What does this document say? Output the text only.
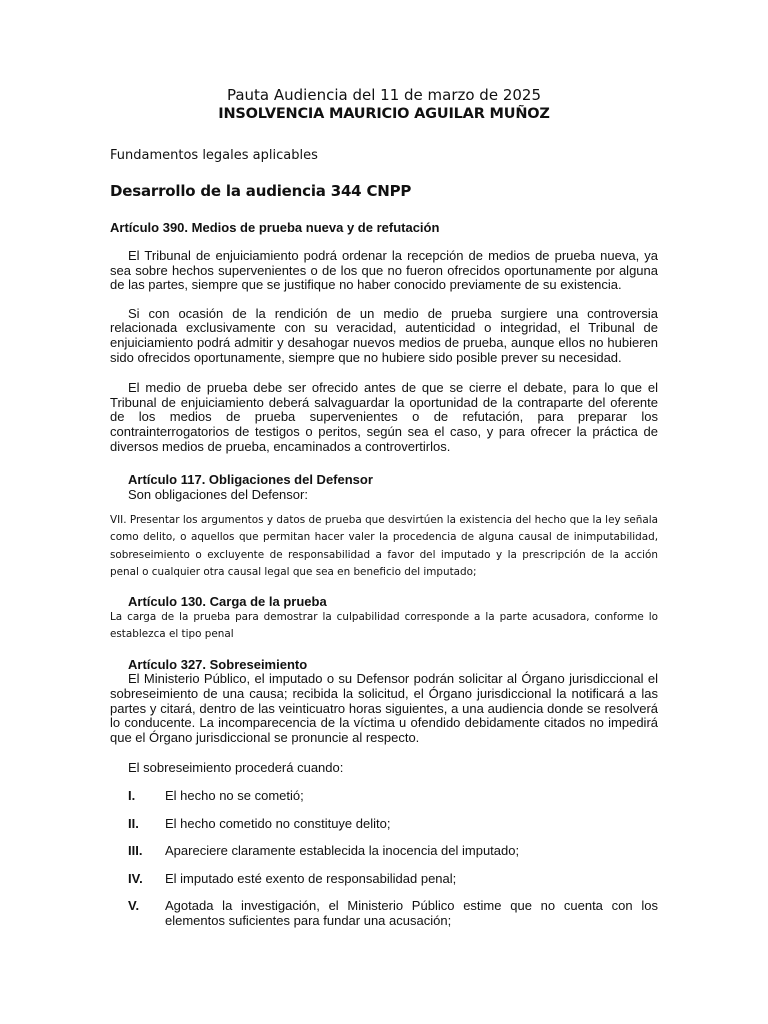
Pauta Audiencia del 11 de marzo de 2025
INSOLVENCIA MAURICIO AGUILAR MUÑOZ
Fundamentos legales aplicables
Desarrollo de la audiencia 344 CNPP
Artículo 390. Medios de prueba nueva y de refutación
El Tribunal de enjuiciamiento podrá ordenar la recepción de medios de prueba nueva, ya sea sobre hechos supervenientes o de los que no fueron ofrecidos oportunamente por alguna de las partes, siempre que se justifique no haber conocido previamente de su existencia.
Si con ocasión de la rendición de un medio de prueba surgiere una controversia relacionada exclusivamente con su veracidad, autenticidad o integridad, el Tribunal de enjuiciamiento podrá admitir y desahogar nuevos medios de prueba, aunque ellos no hubieren sido ofrecidos oportunamente, siempre que no hubiere sido posible prever su necesidad.
El medio de prueba debe ser ofrecido antes de que se cierre el debate, para lo que el Tribunal de enjuiciamiento deberá salvaguardar la oportunidad de la contraparte del oferente de los medios de prueba supervenientes o de refutación, para preparar los contrainterrogatorios de testigos o peritos, según sea el caso, y para ofrecer la práctica de diversos medios de prueba, encaminados a controvertirlos.
Artículo 117. Obligaciones del Defensor
Son obligaciones del Defensor:
VII. Presentar los argumentos y datos de prueba que desvirtúen la existencia del hecho que la ley señala como delito, o aquellos que permitan hacer valer la procedencia de alguna causal de inimputabilidad, sobreseimiento o excluyente de responsabilidad a favor del imputado y la prescripción de la acción penal o cualquier otra causal legal que sea en beneficio del imputado;
Artículo 130. Carga de la prueba
La carga de la prueba para demostrar la culpabilidad corresponde a la parte acusadora, conforme lo establezca el tipo penal
Artículo 327. Sobreseimiento
El Ministerio Público, el imputado o su Defensor podrán solicitar al Órgano jurisdiccional el sobreseimiento de una causa; recibida la solicitud, el Órgano jurisdiccional la notificará a las partes y citará, dentro de las veinticuatro horas siguientes, a una audiencia donde se resolverá lo conducente. La incomparecencia de la víctima u ofendido debidamente citados no impedirá que el Órgano jurisdiccional se pronuncie al respecto.
El sobreseimiento procederá cuando:
I.	El hecho no se cometió;
II.	El hecho cometido no constituye delito;
III.	Apareciere claramente establecida la inocencia del imputado;
IV.	El imputado esté exento de responsabilidad penal;
V.	Agotada la investigación, el Ministerio Público estime que no cuenta con los elementos suficientes para fundar una acusación;
